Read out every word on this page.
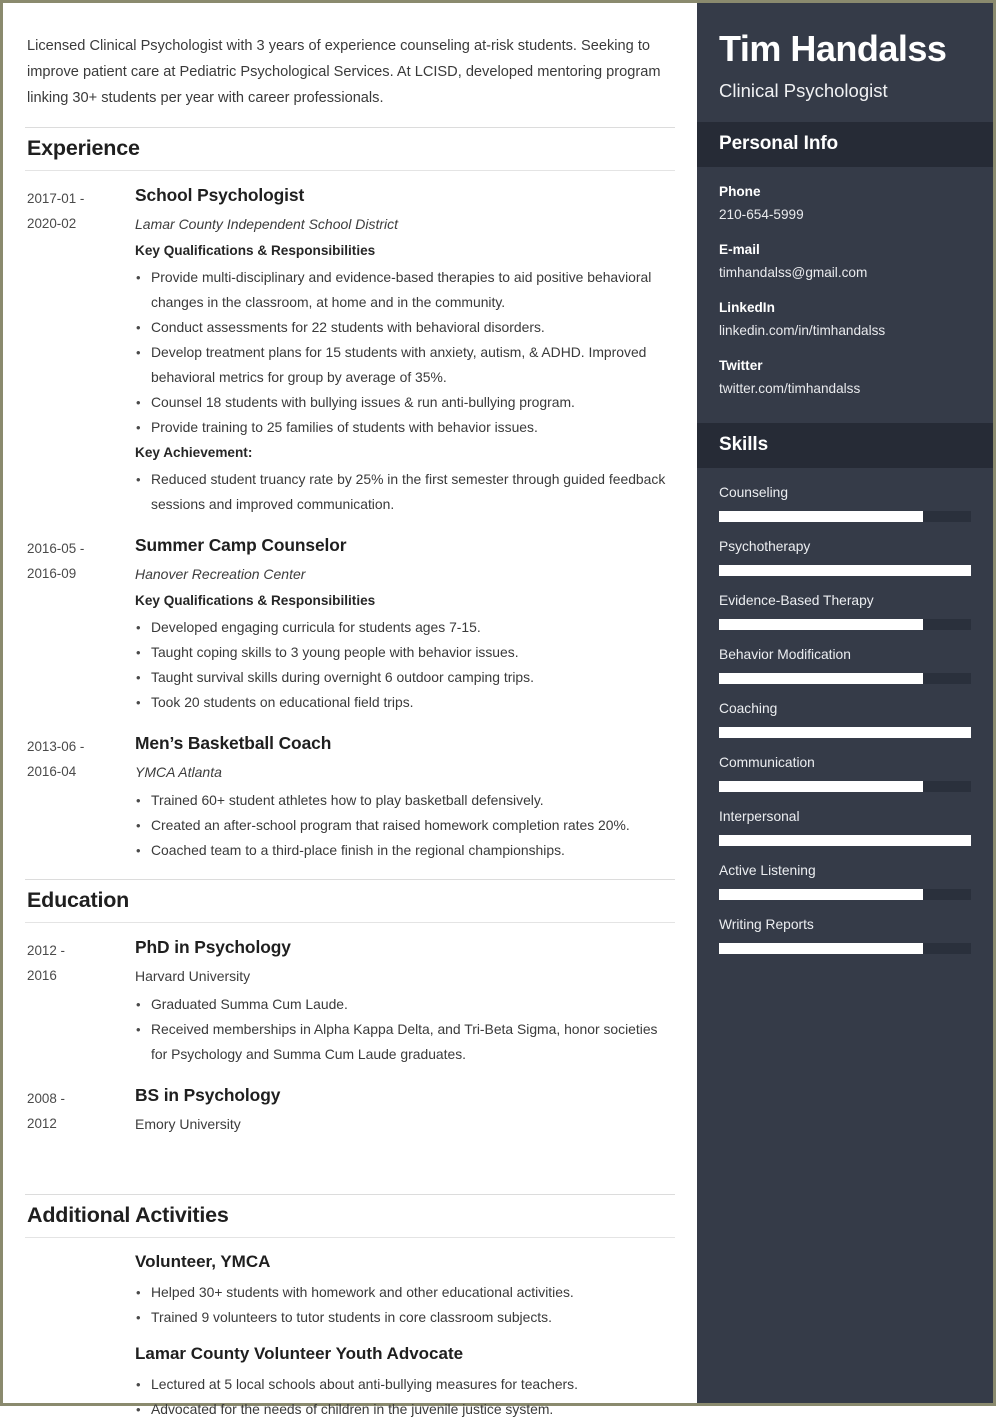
Licensed Clinical Psychologist with 3 years of experience counseling at-risk students. Seeking to improve patient care at Pediatric Psychological Services. At LCISD, developed mentoring program linking 30+ students per year with career professionals.
Experience
2017-01 -
2020-02
School Psychologist
Lamar County Independent School District
Key Qualifications & Responsibilities
• Provide multi-disciplinary and evidence-based therapies to aid positive behavioral changes in the classroom, at home and in the community.
• Conduct assessments for 22 students with behavioral disorders.
• Develop treatment plans for 15 students with anxiety, autism, & ADHD. Improved behavioral metrics for group by average of 35%.
• Counsel 18 students with bullying issues & run anti-bullying program.
• Provide training to 25 families of students with behavior issues.
Key Achievement:
• Reduced student truancy rate by 25% in the first semester through guided feedback sessions and improved communication.
2016-05 -
2016-09
Summer Camp Counselor
Hanover Recreation Center
Key Qualifications & Responsibilities
• Developed engaging curricula for students ages 7-15.
• Taught coping skills to 3 young people with behavior issues.
• Taught survival skills during overnight 6 outdoor camping trips.
• Took 20 students on educational field trips.
2013-06 -
2016-04
Men’s Basketball Coach
YMCA Atlanta
• Trained 60+ student athletes how to play basketball defensively.
• Created an after-school program that raised homework completion rates 20%.
• Coached team to a third-place finish in the regional championships.
Education
2012 -
2016
PhD in Psychology
Harvard University
• Graduated Summa Cum Laude.
• Received memberships in Alpha Kappa Delta, and Tri-Beta Sigma, honor societies for Psychology and Summa Cum Laude graduates.
2008 -
2012
BS in Psychology
Emory University
Additional Activities
Volunteer, YMCA
• Helped 30+ students with homework and other educational activities.
• Trained 9 volunteers to tutor students in core classroom subjects.
Lamar County Volunteer Youth Advocate
• Lectured at 5 local schools about anti-bullying measures for teachers.
• Advocated for the needs of children in the juvenile justice system.
Tim Handalss
Clinical Psychologist
Personal Info
Phone
210-654-5999
E-mail
timhandalss@gmail.com
LinkedIn
linkedin.com/in/timhandalss
Twitter
twitter.com/timhandalss
Skills
Counseling
Psychotherapy
Evidence-Based Therapy
Behavior Modification
Coaching
Communication
Interpersonal
Active Listening
Writing Reports
